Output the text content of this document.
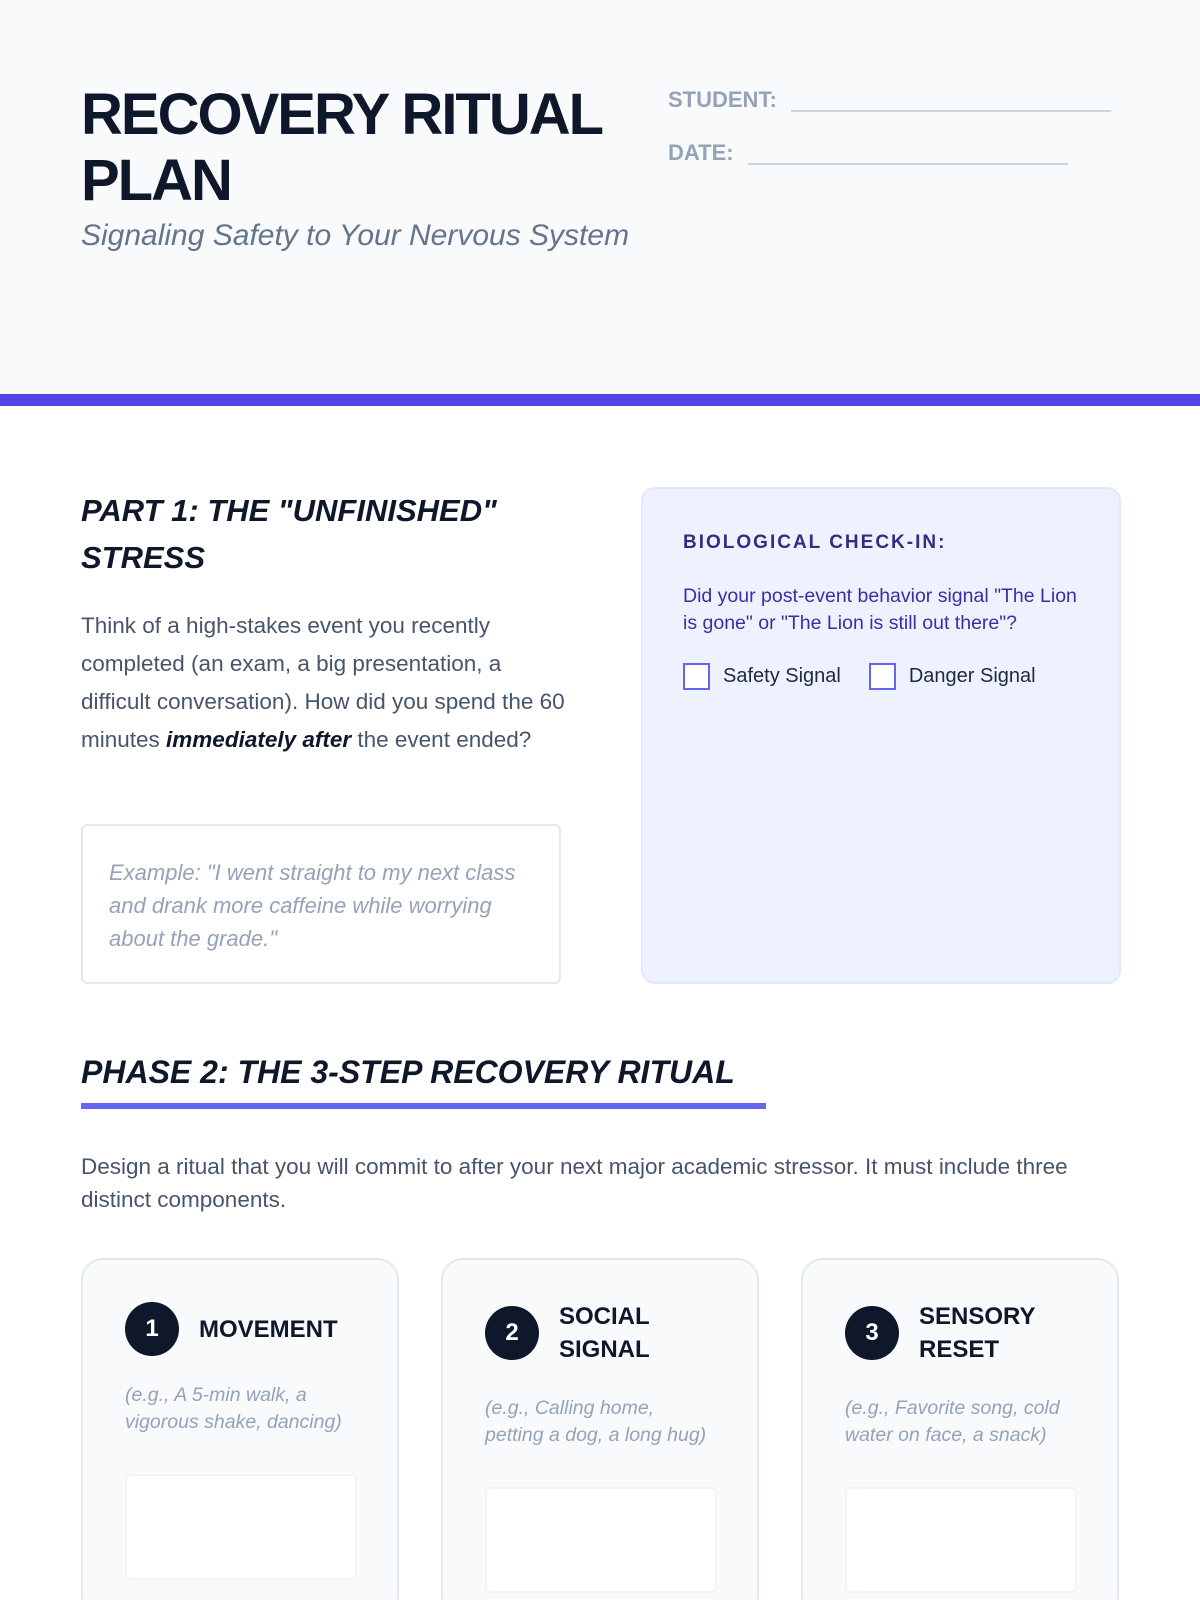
RECOVERY RITUAL PLAN
Signaling Safety to Your Nervous System
STUDENT:
DATE:
PART 1: THE "UNFINISHED" STRESS

Think of a high-stakes event you recently completed (an exam, a big presentation, a difficult conversation). How did you spend the 60 minutes immediately after the event ended?

Example: "I went straight to my next class and drank more caffeine while worrying about the grade."

BIOLOGICAL CHECK-IN:

Did your post-event behavior signal "The Lion is gone" or "The Lion is still out there"?

Safety Signal	Danger Signal
PHASE 2: THE 3-STEP RECOVERY RITUAL

Design a ritual that you will commit to after your next major academic stressor. It must include three distinct components.

1	MOVEMENT

(e.g., A 5-min walk, a vigorous shake, dancing)

2
SOCIAL SIGNAL

(e.g., Calling home, petting a dog, a long hug)

3
SENSORY RESET

(e.g., Favorite song, cold water on face, a snack)
